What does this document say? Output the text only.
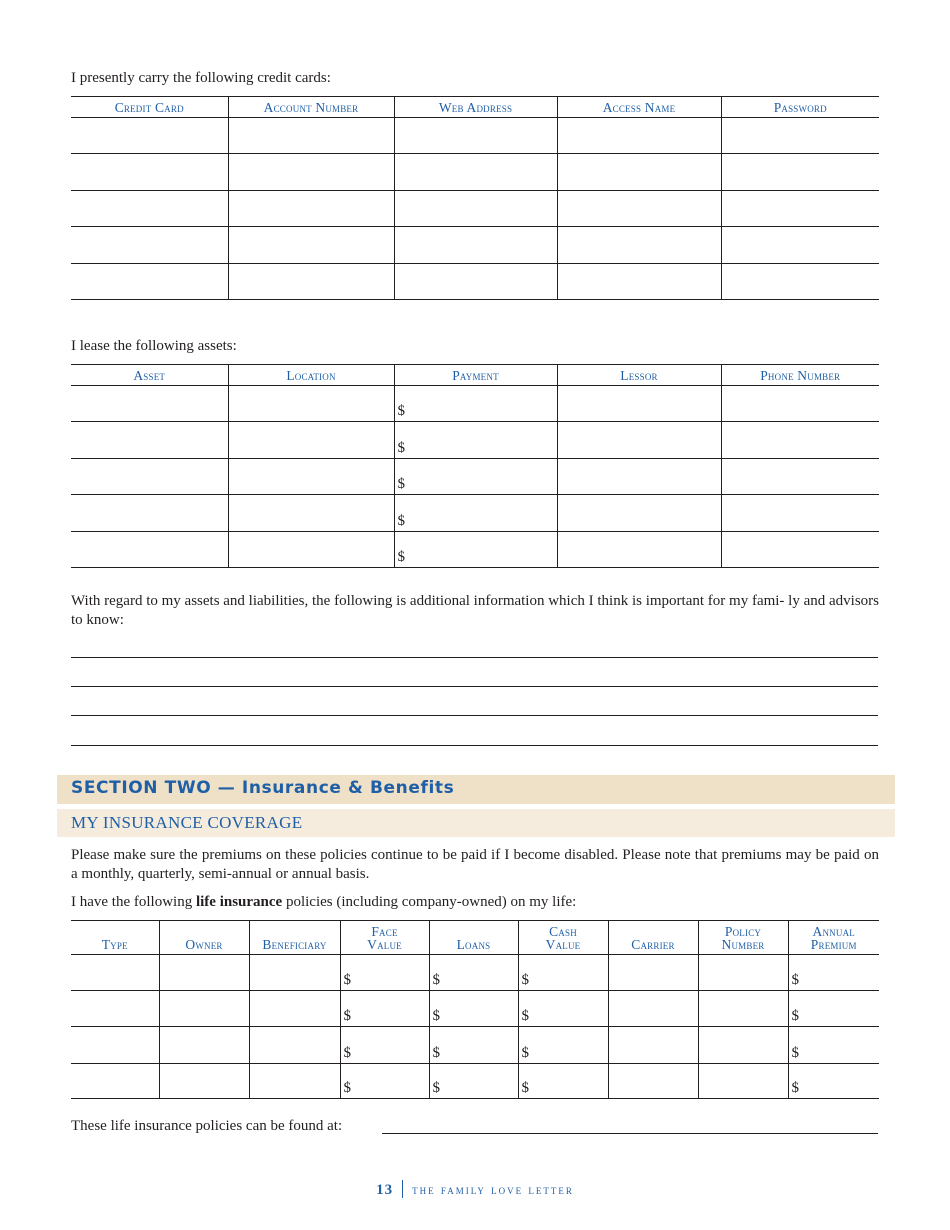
I presently carry the following credit cards:
Credit Card	Account Number	Web Address	Access Name	Password

I lease the following assets:
Asset	Location	Payment	Lessor	Phone Number
		$		
		$		
		$		
		$		
		$		
With regard to my assets and liabilities, the following is additional information which I think is important for my fami- ly and advisors to know:
SECTION TWO — Insurance & Benefits
MY INSURANCE COVERAGE
Please make sure the premiums on these policies continue to be paid if I become disabled. Please note that premiums may be paid on a monthly, quarterly, semi-annual or annual basis.
I have the following life insurance policies (including company-owned) on my life:
Type	Owner	Beneficiary	Face Value	Loans	Cash Value	Carrier	Policy Number	Annual Premium
			$	$	$			$
			$	$	$			$
			$	$	$			$
			$	$	$			$
These life insurance policies can be found at:
13 the family love letter
